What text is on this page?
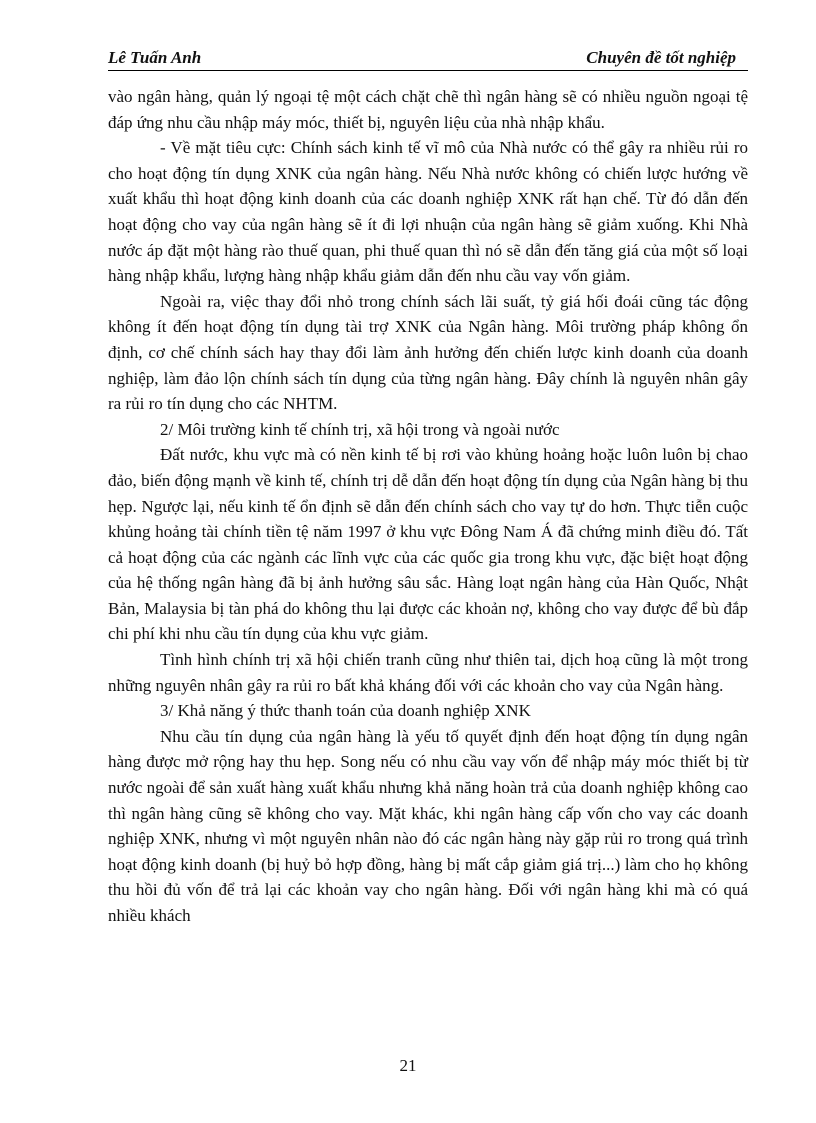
Lê Tuấn Anh	Chuyên đề tốt nghiệp

vào ngân hàng, quản lý ngoại tệ một cách chặt chẽ thì ngân hàng sẽ có nhiều nguồn ngoại tệ đáp ứng nhu cầu nhập máy móc, thiết bị, nguyên liệu của nhà nhập khẩu.

- Về mặt tiêu cực: Chính sách kinh tế vĩ mô của Nhà nước có thể gây ra nhiều rủi ro cho hoạt động tín dụng XNK của ngân hàng. Nếu Nhà nước không có chiến lược hướng về xuất khẩu thì hoạt động kinh doanh của các doanh nghiệp XNK rất hạn chế. Từ đó dẫn đến hoạt động cho vay của ngân hàng sẽ ít đi lợi nhuận của ngân hàng sẽ giảm xuống. Khi Nhà nước áp đặt một hàng rào thuế quan, phi thuế quan thì nó sẽ dẫn đến tăng giá của một số loại hàng nhập khẩu, lượng hàng nhập khẩu giảm dẫn đến nhu cầu vay vốn giảm.

Ngoài ra, việc thay đổi nhỏ trong chính sách lãi suất, tỷ giá hối đoái cũng tác động không ít đến hoạt động tín dụng tài trợ XNK của Ngân hàng. Môi trường pháp không ổn định, cơ chế chính sách hay thay đổi làm ảnh hưởng đến chiến lược kinh doanh của doanh nghiệp, làm đảo lộn chính sách tín dụng của từng ngân hàng. Đây chính là nguyên nhân gây ra rủi ro tín dụng cho các NHTM.

2/ Môi trường kinh tế chính trị, xã hội trong và ngoài nước

Đất nước, khu vực mà có nền kinh tế bị rơi vào khủng hoảng hoặc luôn luôn bị chao đảo, biến động mạnh về kinh tế, chính trị dễ dẫn đến hoạt động tín dụng của Ngân hàng bị thu hẹp. Ngược lại, nếu kinh tế ổn định sẽ dẫn đến chính sách cho vay tự do hơn. Thực tiễn cuộc khủng hoảng tài chính tiền tệ năm 1997 ở khu vực Đông Nam Á đã chứng minh điều đó. Tất cả hoạt động của các ngành các lĩnh vực của các quốc gia trong khu vực, đặc biệt hoạt động của hệ thống ngân hàng đã bị ảnh hưởng sâu sắc. Hàng loạt ngân hàng của Hàn Quốc, Nhật Bản, Malaysia bị tàn phá do không thu lại được các khoản nợ, không cho vay được để bù đắp chi phí khi nhu cầu tín dụng của khu vực giảm.

Tình hình chính trị xã hội chiến tranh cũng như thiên tai, dịch hoạ cũng là một trong những nguyên nhân gây ra rủi ro bất khả kháng đối với các khoản cho vay của Ngân hàng.

3/ Khả năng ý thức thanh toán của doanh nghiệp XNK

Nhu cầu tín dụng của ngân hàng là yếu tố quyết định đến hoạt động tín dụng ngân hàng được mở rộng hay thu hẹp. Song nếu có nhu cầu vay vốn để nhập máy móc thiết bị từ nước ngoài để sản xuất hàng xuất khẩu nhưng khả năng hoàn trả của doanh nghiệp không cao thì ngân hàng cũng sẽ không cho vay. Mặt khác, khi ngân hàng cấp vốn cho vay các doanh nghiệp XNK, nhưng vì một nguyên nhân nào đó các ngân hàng này gặp rủi ro trong quá trình hoạt động kinh doanh (bị huỷ bỏ hợp đồng, hàng bị mất cắp giảm giá trị...) làm cho họ không thu hồi đủ vốn để trả lại các khoản vay cho ngân hàng. Đối với ngân hàng khi mà có quá nhiều khách

21
